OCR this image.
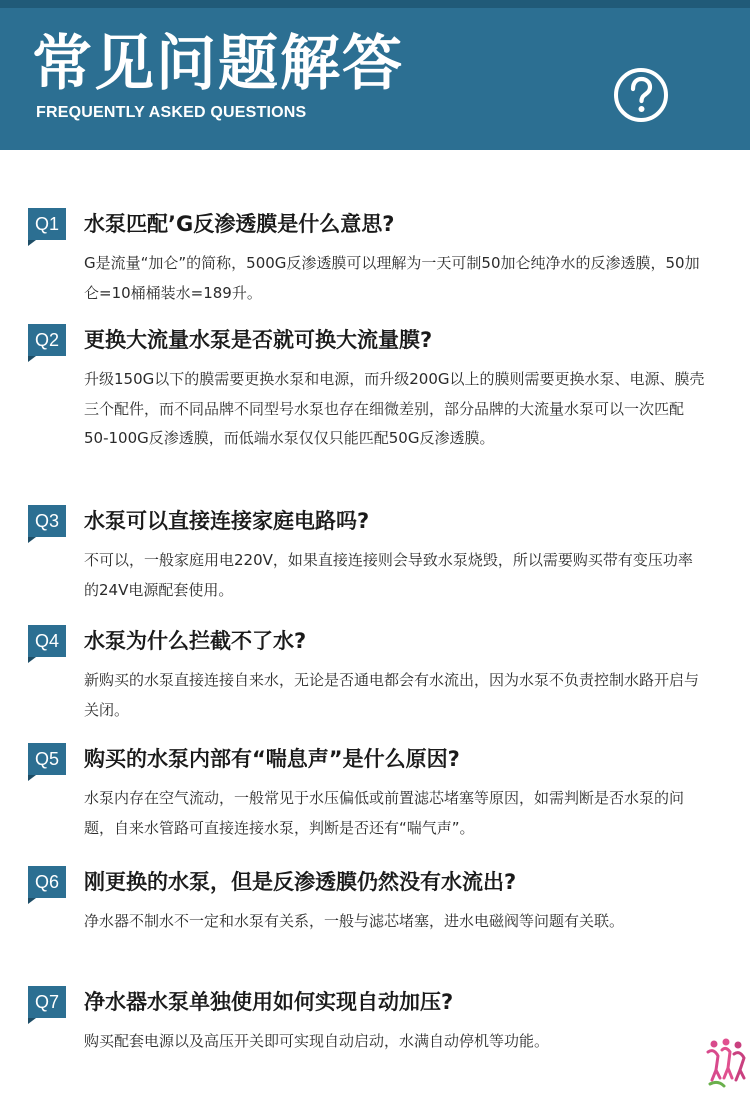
常见问题解答
FREQUENTLY ASKED QUESTIONS
Q1	水泵匹配’G反渗透膜是什么意思?
G是流量“加仑”的简称，500G反渗透膜可以理解为一天可制50加仑纯净水的反渗透膜，50加仑=10桶桶装水=189升。
Q2	更换大流量水泵是否就可换大流量膜?
升级150G以下的膜需要更换水泵和电源，而升级200G以上的膜则需要更换水泵、电源、膜壳三个配件，而不同品牌不同型号水泵也存在细微差别，部分品牌的大流量水泵可以一次匹配50-100G反渗透膜，而低端水泵仅仅只能匹配50G反渗透膜。
Q3	水泵可以直接连接家庭电路吗?
不可以，一般家庭用电220V，如果直接连接则会导致水泵烧毁，所以需要购买带有变压功率的24V电源配套使用。
Q4	水泵为什么拦截不了水?
新购买的水泵直接连接自来水，无论是否通电都会有水流出，因为水泵不负责控制水路开启与关闭。
Q5	购买的水泵内部有“喘息声”是什么原因?
水泵内存在空气流动，一般常见于水压偏低或前置滤芯堵塞等原因，如需判断是否水泵的问题，自来水管路可直接连接水泵，判断是否还有“喘气声”。
Q6	刚更换的水泵，但是反渗透膜仍然没有水流出?
净水器不制水不一定和水泵有关系，一般与滤芯堵塞，进水电磁阀等问题有关联。
Q7	净水器水泵单独使用如何实现自动加压?
购买配套电源以及高压开关即可实现自动启动，水满自动停机等功能。
